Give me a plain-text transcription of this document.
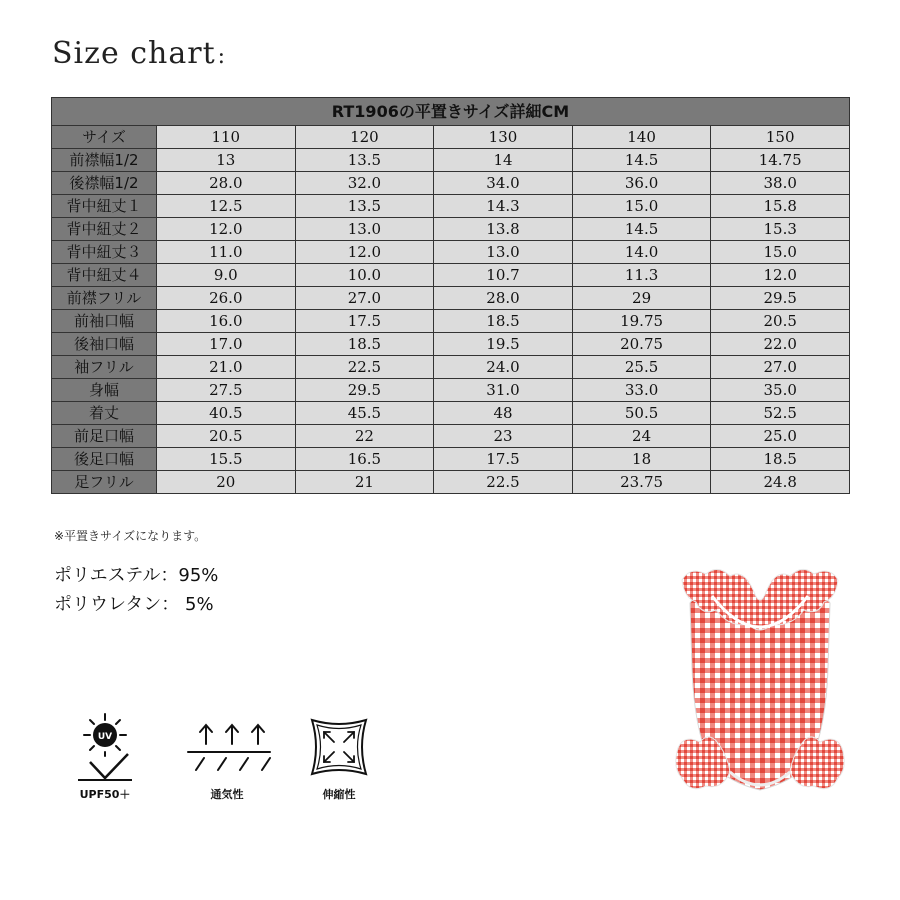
Size chart:
RT1906の平置きサイズ詳細CM					
サイズ	110	120	130	140	150
前襟幅1/2	13	13.5	14	14.5	14.75
後襟幅1/2	28.0	32.0	34.0	36.0	38.0
背中紐丈１	12.5	13.5	14.3	15.0	15.8
背中紐丈２	12.0	13.0	13.8	14.5	15.3
背中紐丈３	11.0	12.0	13.0	14.0	15.0
背中紐丈４	9.0	10.0	10.7	11.3	12.0
前襟フリル	26.0	27.0	28.0	29	29.5
前袖口幅	16.0	17.5	18.5	19.75	20.5
後袖口幅	17.0	18.5	19.5	20.75	22.0
袖フリル	21.0	22.5	24.0	25.5	27.0
身幅	27.5	29.5	31.0	33.0	35.0
着丈	40.5	45.5	48	50.5	52.5
前足口幅	20.5	22	23	24	25.0
後足口幅	15.5	16.5	17.5	18	18.5
足フリル	20	21	22.5	23.75	24.8
※平置きサイズになります。
ポリエステル：95%
ポリウレタン： 5%
UV
UPF50＋	通気性	伸縮性
